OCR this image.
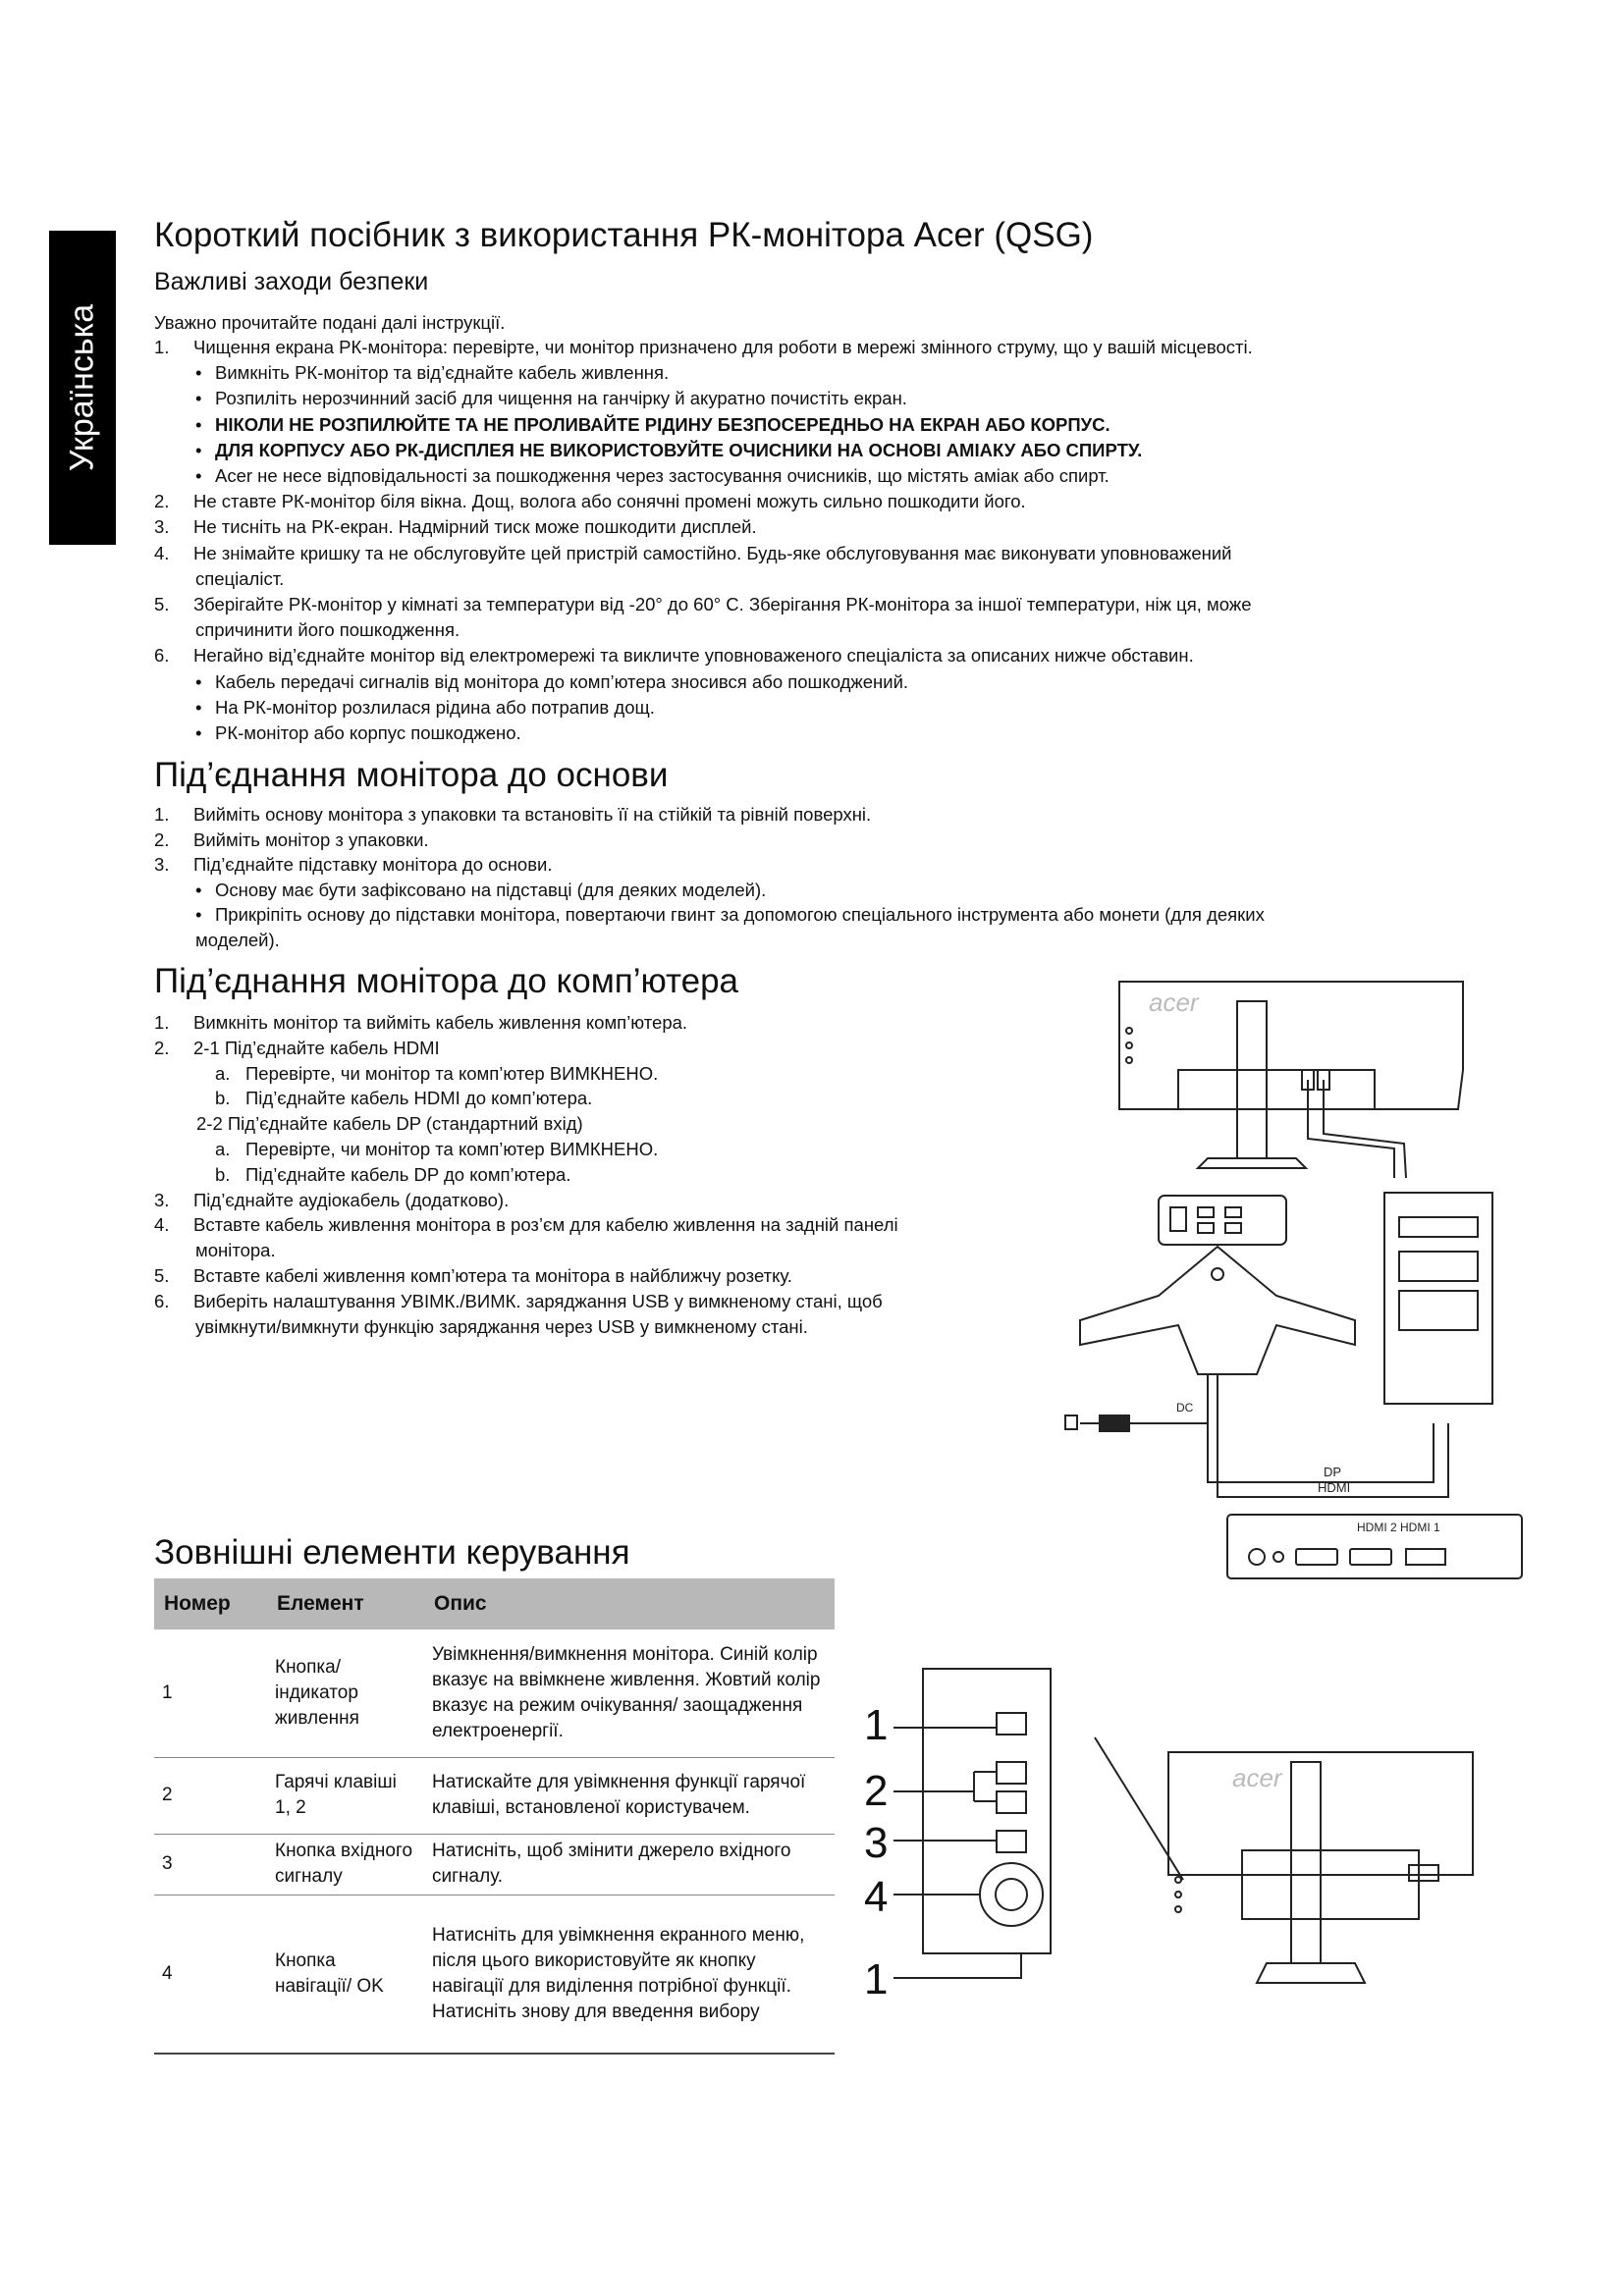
Українська
Короткий посібник з використання РК-монітора Acer (QSG)
Важливі заходи безпеки
Уважно прочитайте подані далі інструкції.
1. Чищення екрана РК-монітора: перевірте, чи монітор призначено для роботи в мережі змінного струму, що у вашій місцевості.
• Вимкніть РК-монітор та від’єднайте кабель живлення.
• Розпиліть нерозчинний засіб для чищення на ганчірку й акуратно почистіть екран.
• НІКОЛИ НЕ РОЗПИЛЮЙТЕ ТА НЕ ПРОЛИВАЙТЕ РІДИНУ БЕЗПОСЕРЕДНЬО НА ЕКРАН АБО КОРПУС.
• ДЛЯ КОРПУСУ АБО РК-ДИСПЛЕЯ НЕ ВИКОРИСТОВУЙТЕ ОЧИСНИКИ НА ОСНОВІ АМІАКУ АБО СПИРТУ.
• Acer не несе відповідальності за пошкодження через застосування очисників, що містять аміак або спирт.
2. Не ставте РК-монітор біля вікна. Дощ, волога або сонячні промені можуть сильно пошкодити його.
3. Не тисніть на РК-екран. Надмірний тиск може пошкодити дисплей.
4. Не знімайте кришку та не обслуговуйте цей пристрій самостійно. Будь-яке обслуговування має виконувати уповноважений
спеціаліст.
5. Зберігайте РК-монітор у кімнаті за температури від -20° до 60° C. Зберігання РК-монітора за іншої температури, ніж ця, може
спричинити його пошкодження.
6. Негайно від’єднайте монітор від електромережі та викличте уповноваженого спеціаліста за описаних нижче обставин.
• Кабель передачі сигналів від монітора до комп’ютера зносився або пошкоджений.
• На РК-монітор розлилася рідина або потрапив дощ.
• РК-монітор або корпус пошкоджено.
Під’єднання монітора до основи
1. Вийміть основу монітора з упаковки та встановіть її на стійкій та рівній поверхні.
2. Вийміть монітор з упаковки.
3. Під’єднайте підставку монітора до основи.
• Основу має бути зафіксовано на підставці (для деяких моделей).
• Прикріпіть основу до підставки монітора, повертаючи гвинт за допомогою спеціального інструмента або монети (для деяких
моделей).
Під’єднання монітора до комп’ютера
1. Вимкніть монітор та вийміть кабель живлення комп’ютера.
2. 2-1 Під’єднайте кабель HDMI
a. Перевірте, чи монітор та комп’ютер ВИМКНЕНО.
b. Під’єднайте кабель HDMI до комп’ютера.
2-2 Під’єднайте кабель DP (стандартний вхід)
a. Перевірте, чи монітор та комп’ютер ВИМКНЕНО.
b. Під’єднайте кабель DP до комп’ютера.
3. Під’єднайте аудіокабель (додатково).
4. Вставте кабель живлення монітора в роз’єм для кабелю живлення на задній панелі
монітора.
5. Вставте кабелі живлення комп’ютера та монітора в найближчу розетку.
6. Виберіть налаштування УВІМК./ВИМК. заряджання USB у вимкненому стані, щоб
увімкнути/вимкнути функцію заряджання через USB у вимкненому стані.
acer
DC
DP
HDMI
HDMI 2 HDMI 1
Зовнішні елементи керування
Номер	Елемент	Опис
1	Кнопка/індикатор живлення	Увімкнення/вимкнення монітора. Синій колір вказує на ввімкнене живлення. Жовтий колір вказує на режим очікування/ заощадження електроенергії.
2	Гарячі клавіші 1, 2	Натискайте для увімкнення функції гарячої клавіші, встановленої користувачем.
3	Кнопка вхідного сигналу	Натисніть, щоб змінити джерело вхідного сигналу.
4	Кнопка навігації/ OK	Натисніть для увімкнення екранного меню, після цього використовуйте як кнопку навігації для виділення потрібної функції. Натисніть знову для введення вибору
acer
1
2
3
4
1
